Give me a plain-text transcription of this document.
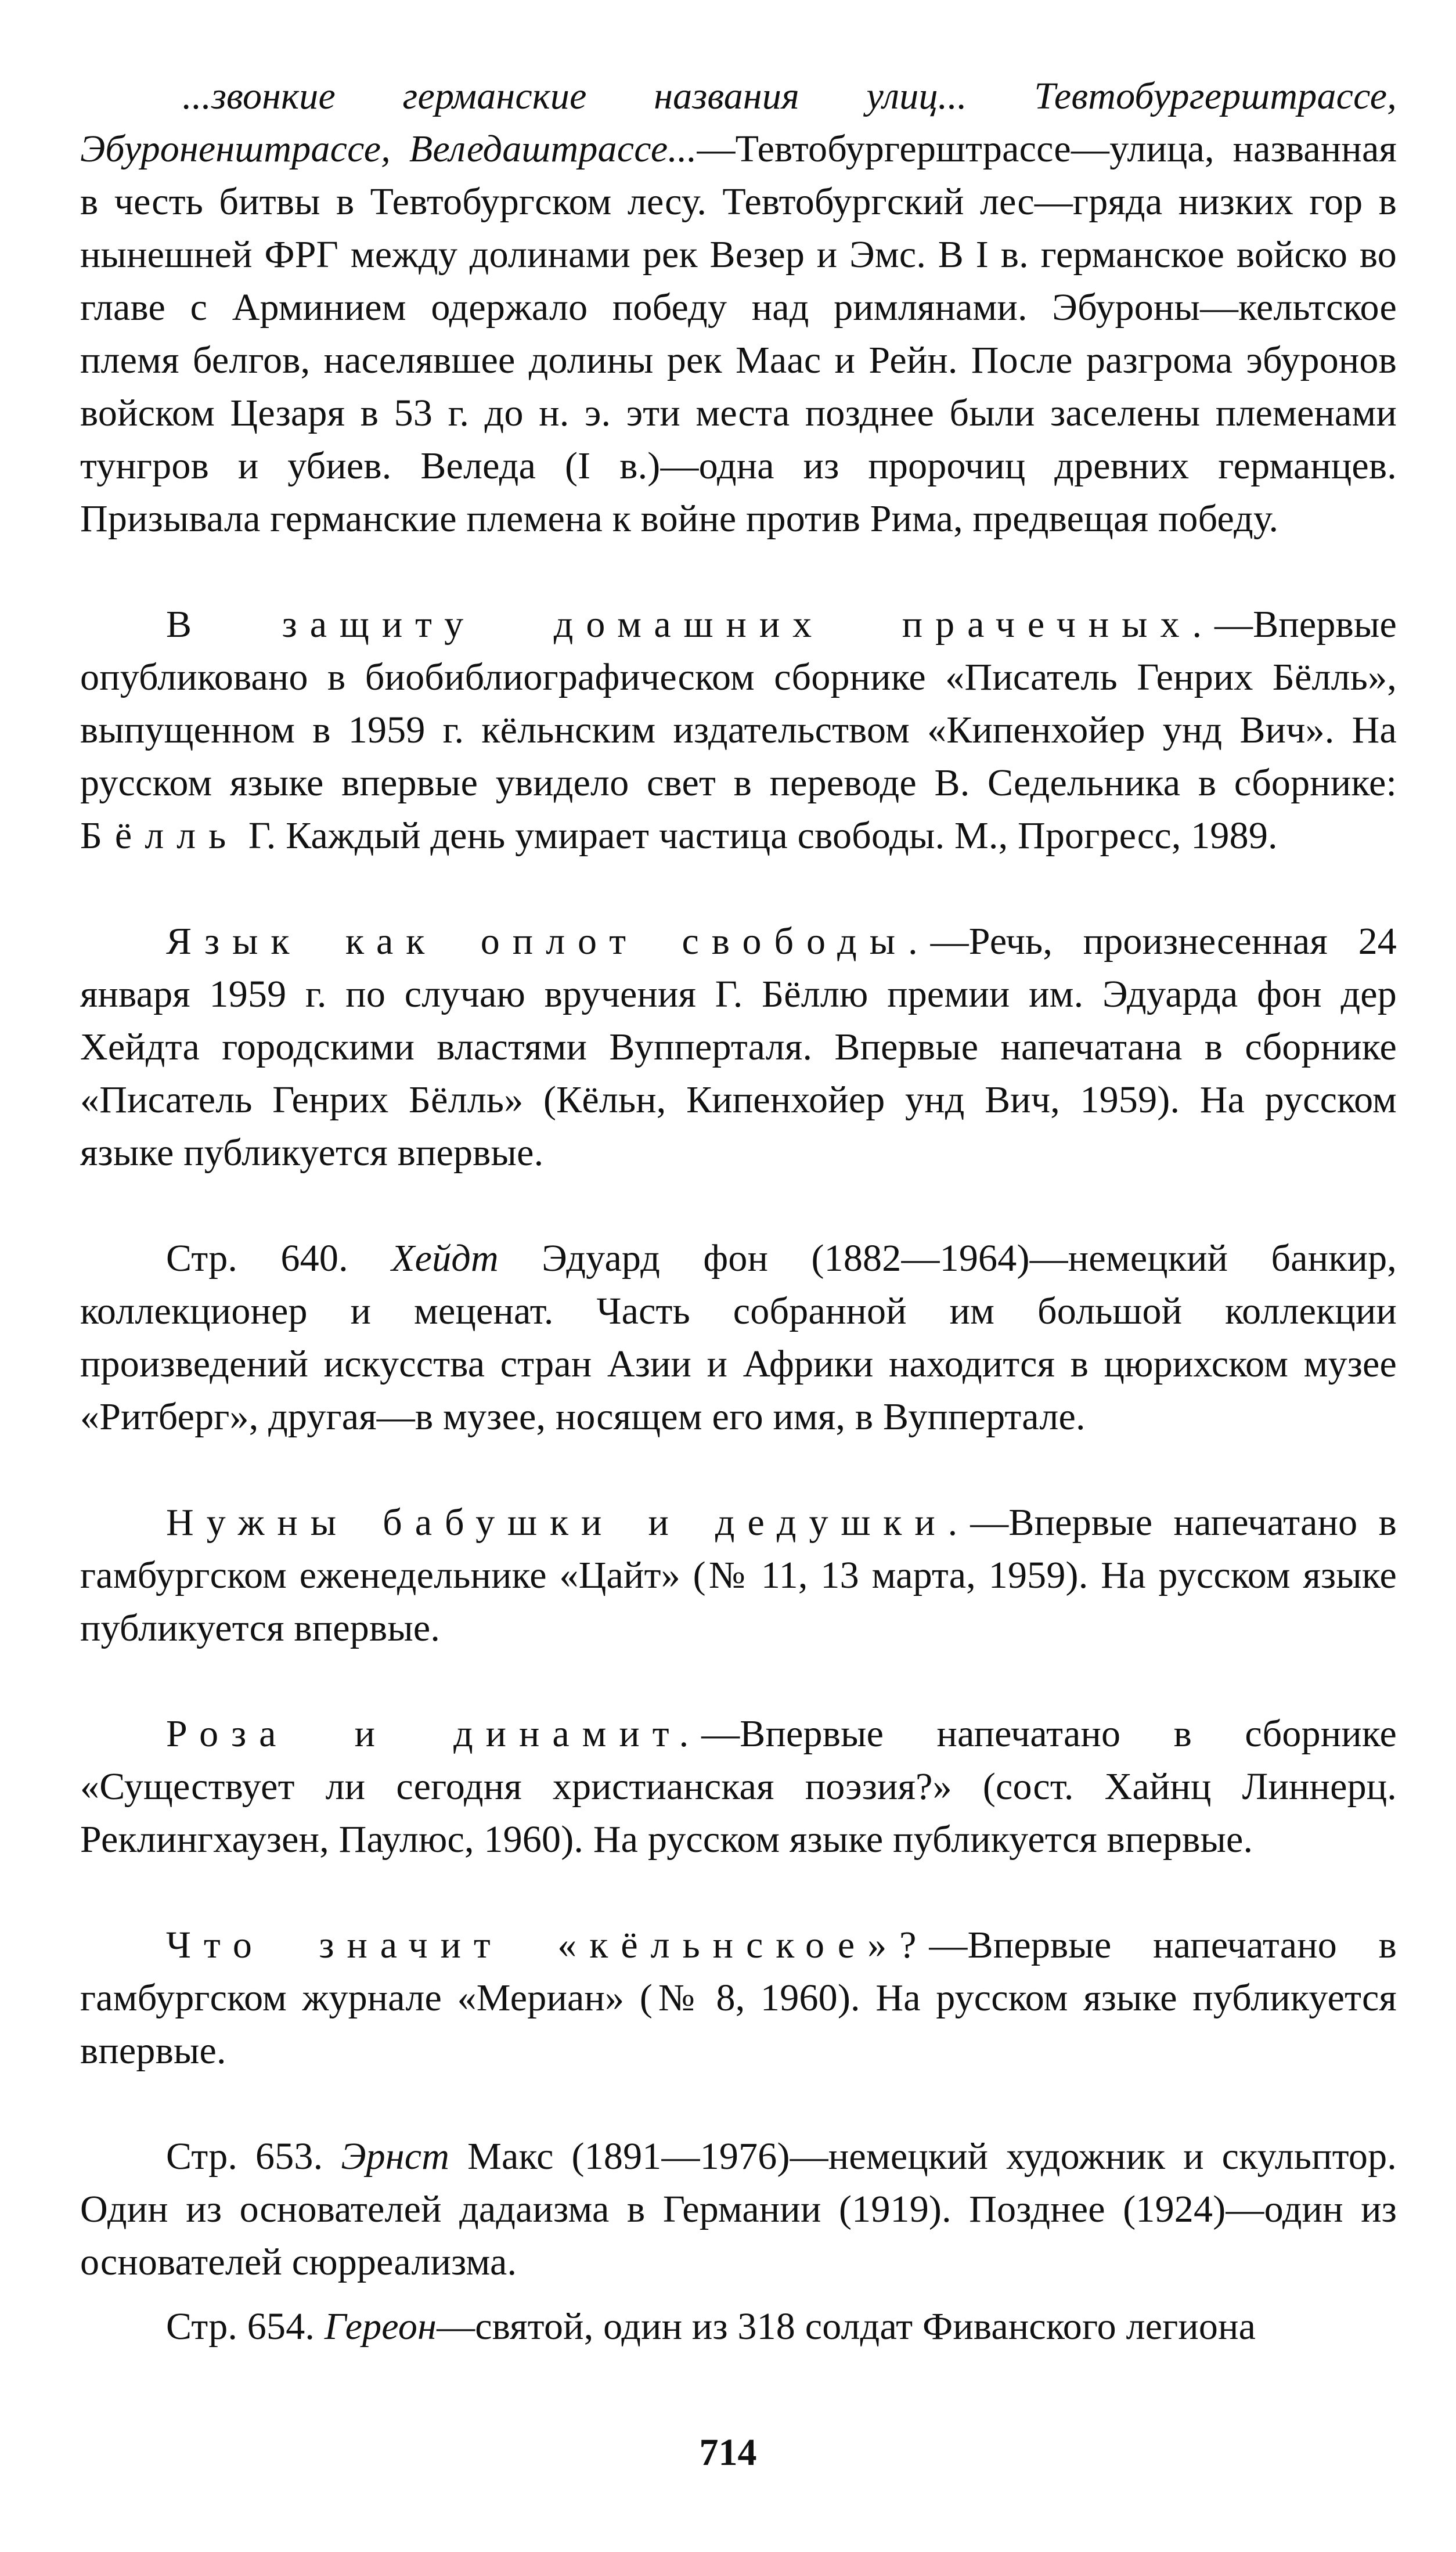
...звонкие германские названия улиц... Тевтобургерштрассе, Эбуроненштрассе, Веледаштрассе...—Тевтобургерштрассе—улица, названная в честь битвы в Тевтобургском лесу. Тевтобургский лес—гряда низких гор в нынешней ФРГ между долинами рек Везер и Эмс. В I в. германское войско во главе с Арминием одержало победу над римлянами. Эбуроны—кельтское племя белгов, населявшее долины рек Маас и Рейн. После разгрома эбуронов войском Цезаря в 53 г. до н. э. эти места позднее были заселены племенами тунгров и убиев. Веледа (I в.)—одна из пророчиц древних германцев. Призывала германские племена к войне против Рима, предвещая победу.

В защиту домашних прачечных.—Впервые опубликовано в биобиблиографическом сборнике «Писатель Генрих Бёлль», выпущенном в 1959 г. кёльнским издательством «Кипенхойер унд Вич». На русском языке впервые увидело свет в переводе В. Седельника в сборнике: Бёлль Г. Каждый день умирает частица свободы. М., Прогресс, 1989.

Язык как оплот свободы.—Речь, произнесенная 24 января 1959 г. по случаю вручения Г. Бёллю премии им. Эдуарда фон дер Хейдта городскими властями Вупперталя. Впервые напечатана в сборнике «Писатель Генрих Бёлль» (Кёльн, Кипенхойер унд Вич, 1959). На русском языке публикуется впервые.

Стр. 640. Хейдт Эдуард фон (1882—1964)—немецкий банкир, коллекционер и меценат. Часть собранной им большой коллекции произведений искусства стран Азии и Африки находится в цюрихском музее «Ритберг», другая—в музее, носящем его имя, в Вуппертале.

Нужны бабушки и дедушки.—Впервые напечатано в гамбургском еженедельнике «Цайт» (№ 11, 13 марта, 1959). На русском языке публикуется впервые.

Роза и динамит.—Впервые напечатано в сборнике «Существует ли сегодня христианская поэзия?» (сост. Хайнц Линнерц. Реклингхаузен, Паулюс, 1960). На русском языке публикуется впервые.

Что значит «кёльнское»?—Впервые напечатано в гамбургском журнале «Мериан» (№ 8, 1960). На русском языке публикуется впервые.

Стр. 653. Эрнст Макс (1891—1976)—немецкий художник и скульптор. Один из основателей дадаизма в Германии (1919). Позднее (1924)—один из основателей сюрреализма.

Стр. 654. Гереон—святой, один из 318 солдат Фиванского легиона

714
